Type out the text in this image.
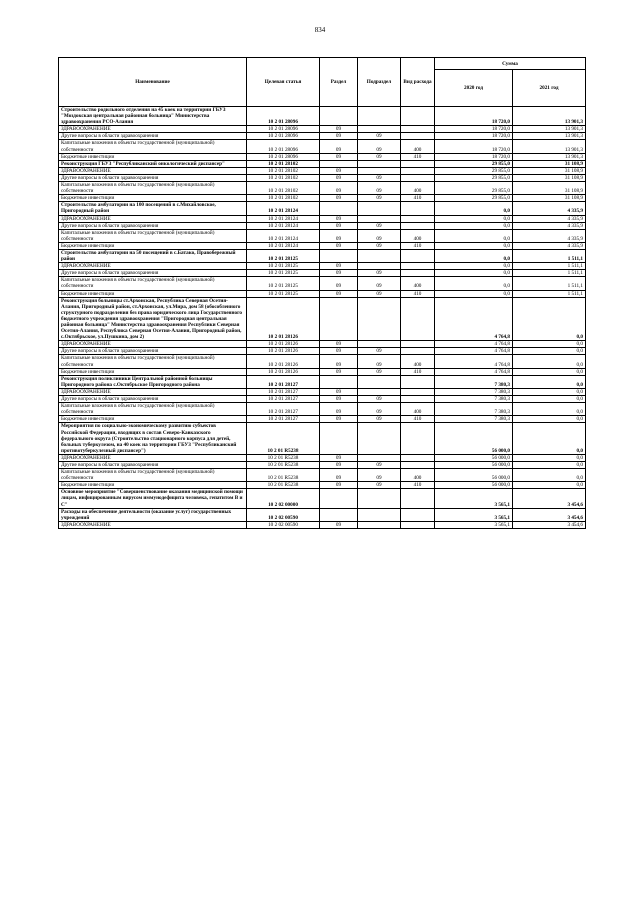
834
Наименование	Целевая статья	Раздел	Подраздел	Вид расхода	Сумма	
					2020 год	2021 год
Строительство родильного отделения на 45 коек на территории ГБУЗ "Моздокская центральная районная больница" Министерства здравоохранения РСО-Алания	10 2 01 28096				18 720,0	13 901,3
ЗДРАВООХРАНЕНИЕ	10 2 01 28096	09			18 720,0	13 901,3
Другие вопросы в области здравоохранения	10 2 01 28096	09	09		18 720,0	13 901,3
Капитальные вложения в объекты государственной (муниципальной) собственности	10 2 01 28096	09	09	400	18 720,0	13 901,3
Бюджетные инвестиции	10 2 01 28096	09	09	410	18 720,0	13 901,3
Реконструкция ГБУЗ "Республиканский онкологический диспансер"	10 2 01 28102				29 855,0	31 108,9
ЗДРАВООХРАНЕНИЕ	10 2 01 28102	09			29 855,0	31 108,9
Другие вопросы в области здравоохранения	10 2 01 28102	09	09		29 855,0	31 108,9
Капитальные вложения в объекты государственной (муниципальной) собственности	10 2 01 28102	09	09	400	29 855,0	31 108,9
Бюджетные инвестиции	10 2 01 28102	09	09	410	29 855,0	31 108,9
Строительство амбулатории на 100 посещений в с.Михайловское, Пригородный район	10 2 01 28124				0,0	4 335,9
ЗДРАВООХРАНЕНИЕ	10 2 01 28124	09			0,0	4 335,9
Другие вопросы в области здравоохранения	10 2 01 28124	09	09		0,0	4 335,9
Капитальные вложения в объекты государственной (муниципальной) собственности	10 2 01 28124	09	09	400	0,0	4 335,9
Бюджетные инвестиции	10 2 01 28124	09	09	410	0,0	4 335,9
Строительство амбулатории на 50 посещений в с.Батако, Правобережный район	10 2 01 28125				0,0	1 511,1
ЗДРАВООХРАНЕНИЕ	10 2 01 28125	09			0,0	1 511,1
Другие вопросы в области здравоохранения	10 2 01 28125	09	09		0,0	1 511,1
Капитальные вложения в объекты государственной (муниципальной) собственности	10 2 01 28125	09	09	400	0,0	1 511,1
Бюджетные инвестиции	10 2 01 28125	09	09	410	0,0	1 511,1
Реконструкция больницы ст.Архонская, Республика Северная Осетия-Алания, Пригородный район, ст.Архонская, ул.Мира, дом 58 (обособленного структурного подразделения без права юридического лица Государственного бюджетного учреждения здравоохранения "Пригородная центральная районная больница" Министерства здравоохранения Республики Северная Осетия-Алания, Республика Северная Осетия-Алания, Пригородный район, с.Октябрьское, ул.Пушкина, дом 2)	10 2 01 28126				4 764,8	0,0
ЗДРАВООХРАНЕНИЕ	10 2 01 28126	09			4 764,8	0,0
Другие вопросы в области здравоохранения	10 2 01 28126	09	09		4 764,8	0,0
Капитальные вложения в объекты государственной (муниципальной) собственности	10 2 01 28126	09	09	400	4 764,8	0,0
Бюджетные инвестиции	10 2 01 28126	09	09	410	4 764,8	0,0
Реконструкция поликлиники Центральной районной больницы Пригородного района с.Октябрьское Пригородного района	10 2 01 28127				7 380,3	0,0
ЗДРАВООХРАНЕНИЕ	10 2 01 28127	09			7 380,3	0,0
Другие вопросы в области здравоохранения	10 2 01 28127	09	09		7 380,3	0,0
Капитальные вложения в объекты государственной (муниципальной) собственности	10 2 01 28127	09	09	400	7 380,3	0,0
Бюджетные инвестиции	10 2 01 28127	09	09	410	7 380,3	0,0
Мероприятия по социально-экономическому развитию субъектов Российской Федерации, входящих в состав Северо-Кавказского федерального округа (Строительство стационарного корпуса для детей, больных туберкулезом, на 40 коек на территории ГБУЗ "Республиканский противотуберкулезный диспансер")	10 2 01 R5238				56 000,0	0,0
ЗДРАВООХРАНЕНИЕ	10 2 01 R5238	09			56 000,0	0,0
Другие вопросы в области здравоохранения	10 2 01 R5238	09	09		56 000,0	0,0
Капитальные вложения в объекты государственной (муниципальной) собственности	10 2 01 R5238	09	09	400	56 000,0	0,0
Бюджетные инвестиции	10 2 01 R5238	09	09	410	56 000,0	0,0
Основное мероприятие "Совершенствование оказания медицинской помощи лицам, инфицированным вирусом иммунодефицита человека, гепатитом В и С"	10 2 02 00000				3 565,1	3 454,6
Расходы на обеспечение деятельности (оказание услуг) государственных учреждений	10 2 02 00590				3 565,1	3 454,6
ЗДРАВООХРАНЕНИЕ	10 2 02 00590	09			3 565,1	3 454,6
